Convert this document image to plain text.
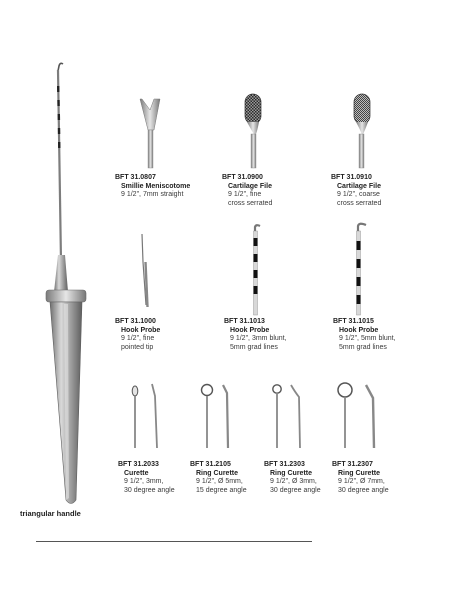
BFT 31.0807
Smillie Meniscotome
9 1/2", 7mm straight
BFT 31.0900
Cartilage File
9 1/2", fine
cross serrated
BFT 31.0910
Cartilage File
9 1/2", coarse
cross serrated
BFT 31.1000
Hook Probe
9 1/2", fine
pointed tip
BFT 31.1013
Hook Probe
9 1/2", 3mm blunt,
5mm grad lines
BFT 31.1015
Hook Probe
9 1/2", 5mm blunt,
5mm grad lines
BFT 31.2033
Curette
9 1/2", 3mm,
30 degree angle
BFT 31.2105
Ring Curette
9 1/2", Ø 5mm,
15 degree angle
BFT 31.2303
Ring Curette
9 1/2", Ø 3mm,
30 degree angle
BFT 31.2307
Ring Curette
9 1/2", Ø 7mm,
30 degree angle
triangular handle
